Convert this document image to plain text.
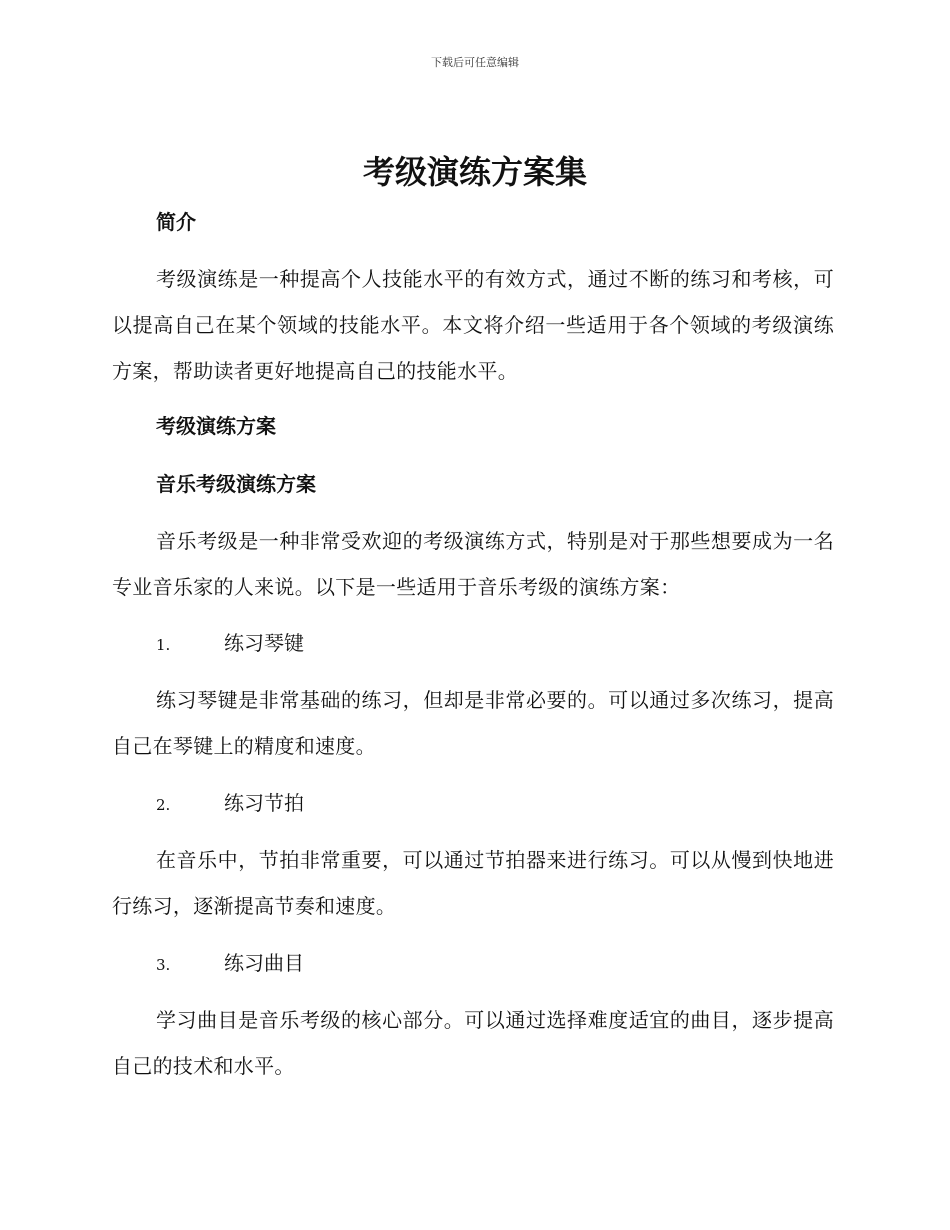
下载后可任意编辑
考级演练方案集
简介
考级演练是一种提高个人技能水平的有效方式，通过不断的练习和考核，可以提高自己在某个领域的技能水平。本文将介绍一些适用于各个领域的考级演练方案，帮助读者更好地提高自己的技能水平。
考级演练方案
音乐考级演练方案
音乐考级是一种非常受欢迎的考级演练方式，特别是对于那些想要成为一名专业音乐家的人来说。以下是一些适用于音乐考级的演练方案：
1.	练习琴键
练习琴键是非常基础的练习，但却是非常必要的。可以通过多次练习，提高自己在琴键上的精度和速度。
2.	练习节拍
在音乐中，节拍非常重要，可以通过节拍器来进行练习。可以从慢到快地进行练习，逐渐提高节奏和速度。
3.	练习曲目
学习曲目是音乐考级的核心部分。可以通过选择难度适宜的曲目，逐步提高自己的技术和水平。
